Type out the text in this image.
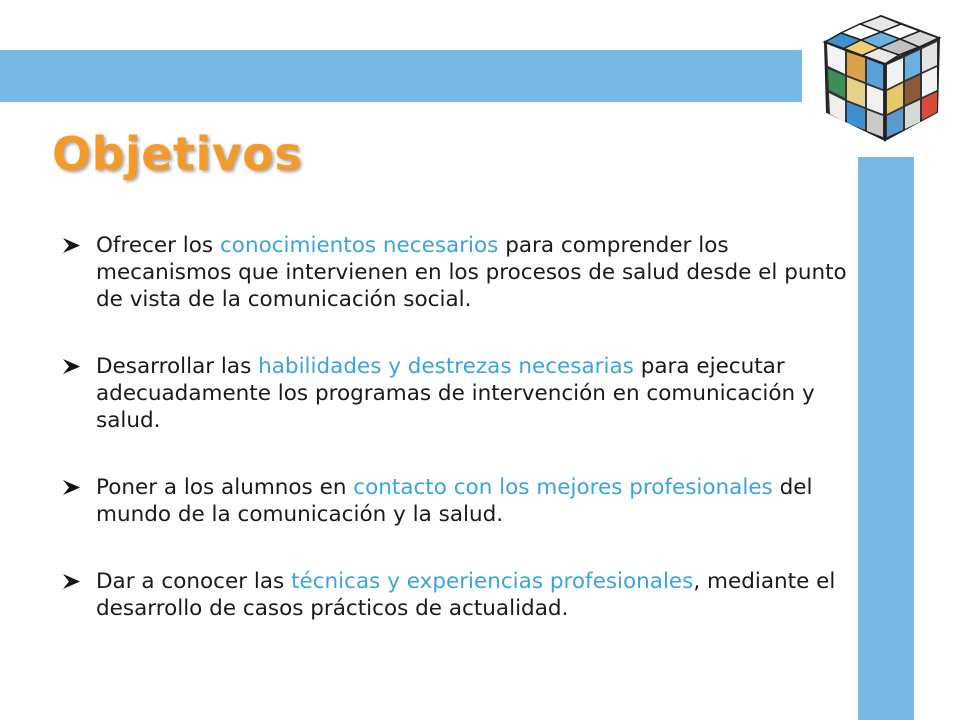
Objetivos
Ofrecer los conocimientos necesarios para comprender los mecanismos que intervienen en los procesos de salud desde el punto de vista de la comunicación social.
Desarrollar las habilidades y destrezas necesarias para ejecutar adecuadamente los programas de intervención en comunicación y salud.
Poner a los alumnos en contacto con los mejores profesionales del mundo de la comunicación y la salud.
Dar a conocer las técnicas y experiencias profesionales, mediante el desarrollo de casos prácticos de actualidad.
